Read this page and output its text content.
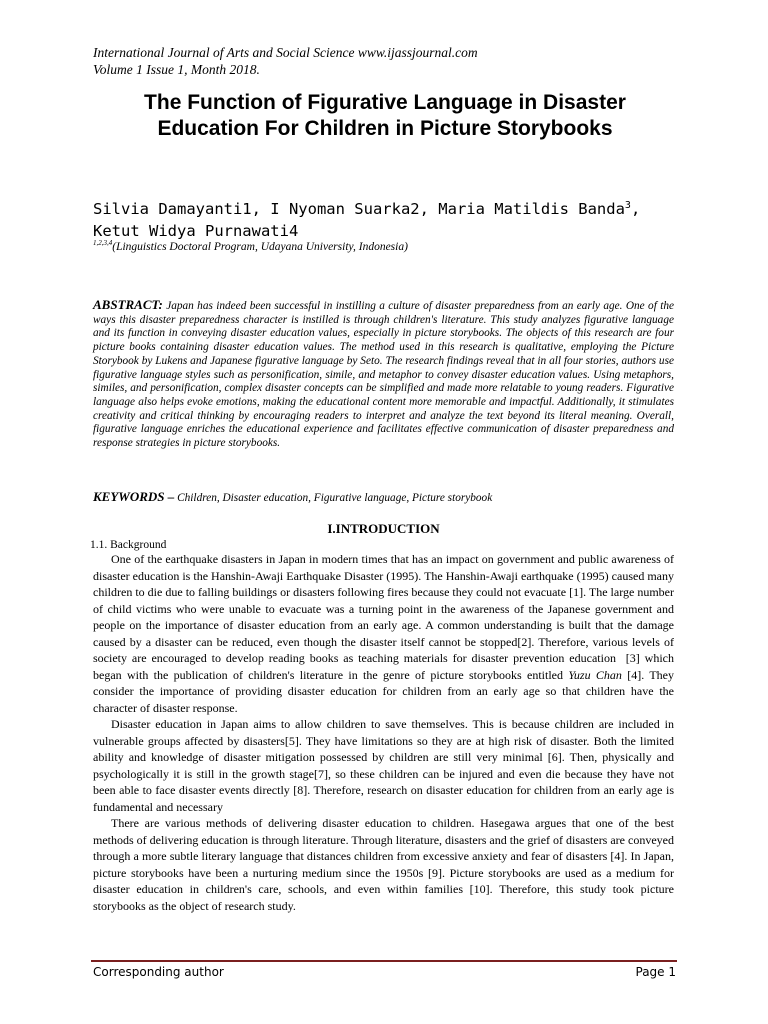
International Journal of Arts and Social Science www.ijassjournal.com
Volume 1 Issue 1, Month 2018.
The Function of Figurative Language in Disaster
Education For Children in Picture Storybooks
Silvia Damayanti1, I Nyoman Suarka2, Maria Matildis Banda$^3$,
Ketut Widya Purnawati4
$^{1,2,3,4}$(Linguistics Doctoral Program, Udayana University, Indonesia)
ABSTRACT: Japan has indeed been successful in instilling a culture of disaster preparedness from an early age. One of the ways this disaster preparedness character is instilled is through children's literature. This study analyzes figurative language and its function in conveying disaster education values, especially in picture storybooks. The objects of this research are four picture books containing disaster education values. The method used in this research is qualitative, employing the Picture Storybook by Lukens and Japanese figurative language by Seto. The research findings reveal that in all four stories, authors use figurative language styles such as personification, simile, and metaphor to convey disaster education values. Using metaphors, similes, and personification, complex disaster concepts can be simplified and made more relatable to young readers. Figurative language also helps evoke emotions, making the educational content more memorable and impactful. Additionally, it stimulates creativity and critical thinking by encouraging readers to interpret and analyze the text beyond its literal meaning. Overall, figurative language enriches the educational experience and facilitates effective communication of disaster preparedness and response strategies in picture storybooks.
KEYWORDS – Children, Disaster education, Figurative language, Picture storybook
I.INTRODUCTION
1.1. Background

One of the earthquake disasters in Japan in modern times that has an impact on government and public awareness of disaster education is the Hanshin-Awaji Earthquake Disaster (1995). The Hanshin-Awaji earthquake (1995) caused many children to die due to falling buildings or disasters following fires because they could not evacuate [1]. The large number of child victims who were unable to evacuate was a turning point in the awareness of the Japanese government and people on the importance of disaster education from an early age. A common understanding is built that the damage caused by a disaster can be reduced, even though the disaster itself cannot be stopped[2]. Therefore, various levels of society are encouraged to develop reading books as teaching materials for disaster prevention education  [3] which began with the publication of children's literature in the genre of picture storybooks entitled Yuzu Chan [4]. They consider the importance of providing disaster education for children from an early age so that children have the character of disaster response.

Disaster education in Japan aims to allow children to save themselves. This is because children are included in vulnerable groups affected by disasters[5]. They have limitations so they are at high risk of disaster. Both the limited ability and knowledge of disaster mitigation possessed by children are still very minimal [6]. Then, physically and psychologically it is still in the growth stage[7], so these children can be injured and even die because they have not been able to face disaster events directly [8]. Therefore, research on disaster education for children from an early age is fundamental and necessary

There are various methods of delivering disaster education to children. Hasegawa argues that one of the best methods of delivering education is through literature. Through literature, disasters and the grief of disasters are conveyed through a more subtle literary language that distances children from excessive anxiety and fear of disasters [4]. In Japan, picture storybooks have been a nurturing medium since the 1950s [9]. Picture storybooks are used as a medium for disaster education in children's care, schools, and even within families [10]. Therefore, this study took picture storybooks as the object of research study.

Corresponding author	Page 1
